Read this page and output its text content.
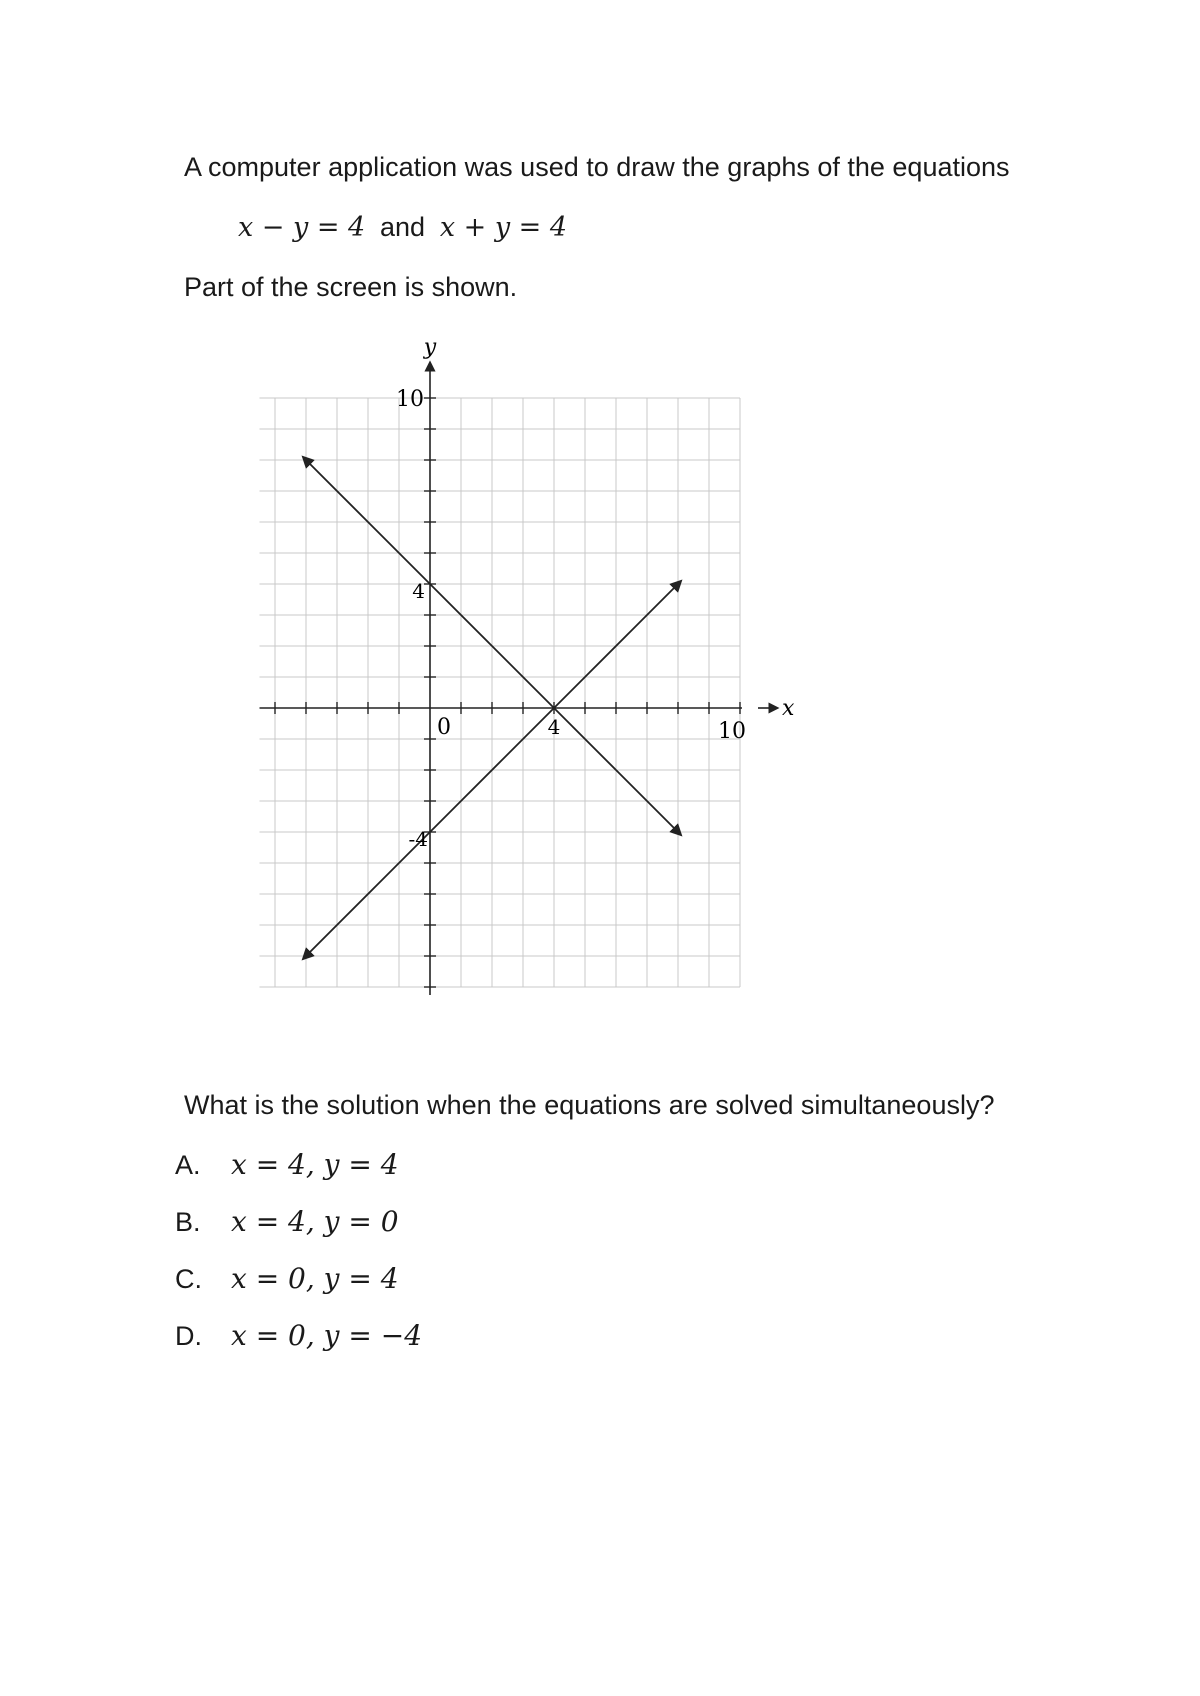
A computer application was used to draw the graphs of the equations

x − y = 4 and x + y = 4

Part of the screen is shown.

y
x
10
4
-4
0	4	10

What is the solution when the equations are solved simultaneously?

A. x = 4, y = 4
B. x = 4, y = 0
C. x = 0, y = 4
D. x = 0, y = −4
